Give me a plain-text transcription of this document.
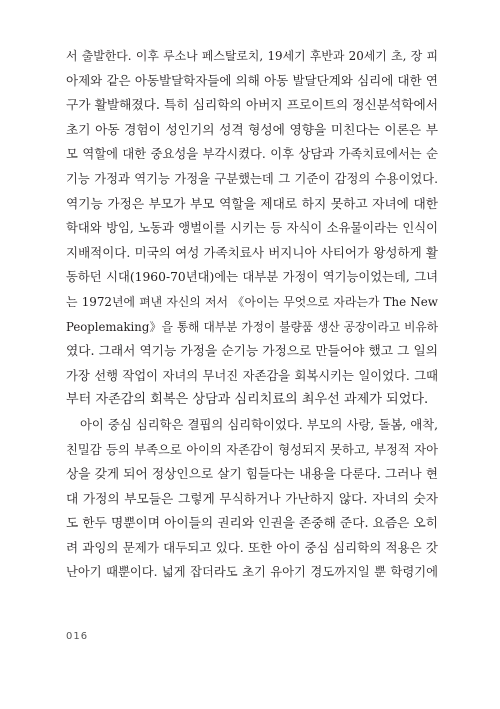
서 출발한다. 이후 루소나 페스탈로치, 19세기 후반과 20세기 초, 장 피
아제와 같은 아동발달학자들에 의해 아동 발달단계와 심리에 대한 연
구가 활발해졌다. 특히 심리학의 아버지 프로이트의 정신분석학에서
초기 아동 경험이 성인기의 성격 형성에 영향을 미친다는 이론은 부
모 역할에 대한 중요성을 부각시켰다. 이후 상담과 가족치료에서는 순
기능 가정과 역기능 가정을 구분했는데 그 기준이 감정의 수용이었다.
역기능 가정은 부모가 부모 역할을 제대로 하지 못하고 자녀에 대한
학대와 방임, 노동과 앵벌이를 시키는 등 자식이 소유물이라는 인식이
지배적이다. 미국의 여성 가족치료사 버지니아 사티어가 왕성하게 활
동하던 시대(1960-70년대)에는 대부분 가정이 역기능이었는데, 그녀
는 1972년에 펴낸 자신의 저서 《아이는 무엇으로 자라는가 The New
Peoplemaking》을 통해 대부분 가정이 불량품 생산 공장이라고 비유하
였다. 그래서 역기능 가정을 순기능 가정으로 만들어야 했고 그 일의
가장 선행 작업이 자녀의 무너진 자존감을 회복시키는 일이었다. 그때
부터 자존감의 회복은 상담과 심리치료의 최우선 과제가 되었다.
아이 중심 심리학은 결핍의 심리학이었다. 부모의 사랑, 돌봄, 애착,
친밀감 등의 부족으로 아이의 자존감이 형성되지 못하고, 부정적 자아
상을 갖게 되어 정상인으로 살기 힘들다는 내용을 다룬다. 그러나 현
대 가정의 부모들은 그렇게 무식하거나 가난하지 않다. 자녀의 숫자
도 한두 명뿐이며 아이들의 권리와 인권을 존중해 준다. 요즘은 오히
려 과잉의 문제가 대두되고 있다. 또한 아이 중심 심리학의 적용은 갓
난아기 때뿐이다. 넓게 잡더라도 초기 유아기 경도까지일 뿐 학령기에
016
